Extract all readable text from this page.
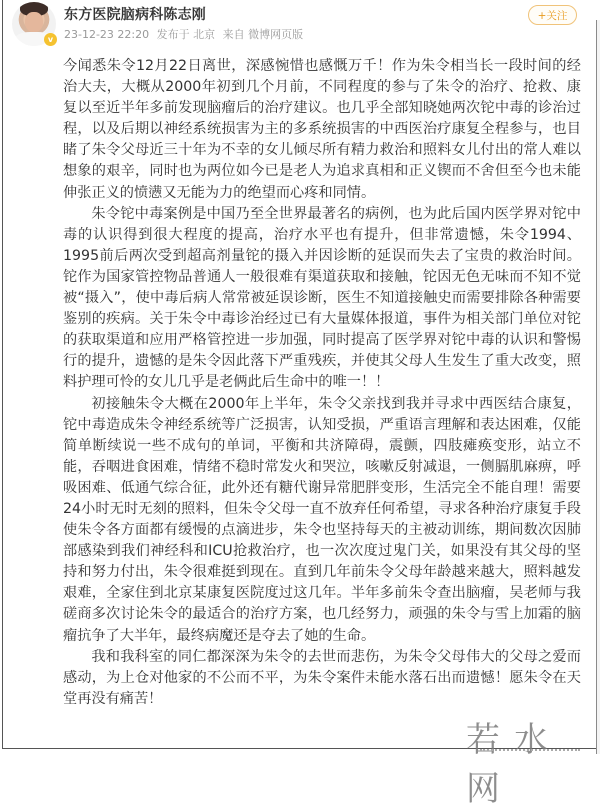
v
东方医院脑病科陈志刚
23-12-23 22:20 发布于 北京 来自 微博网页版
+关注

今闻悉朱令12月22日离世，深感惋惜也感慨万千！作为朱令相当长一段时间的经治大夫，大概从2000年初到几个月前，不同程度的参与了朱令的治疗、抢救、康复以至近半年多前发现脑瘤后的治疗建议。也几乎全部知晓她两次铊中毒的诊治过程，以及后期以神经系统损害为主的多系统损害的中西医治疗康复全程参与，也目睹了朱令父母近三十年为不幸的女儿倾尽所有精力救治和照料女儿付出的常人难以想象的艰辛，同时也为两位如今已是老人为追求真相和正义锲而不舍但至今也未能伸张正义的愤懑又无能为力的绝望而心疼和同情。

朱令铊中毒案例是中国乃至全世界最著名的病例，也为此后国内医学界对铊中毒的认识得到很大程度的提高，治疗水平也有提升，但非常遗憾，朱令1994、1995前后两次受到超高剂量铊的摄入并因诊断的延误而失去了宝贵的救治时间。铊作为国家管控物品普通人一般很难有渠道获取和接触，铊因无色无味而不知不觉被“摄入”，使中毒后病人常常被延误诊断，医生不知道接触史而需要排除各种需要鉴别的疾病。关于朱令中毒诊治经过已有大量媒体报道，事件为相关部门单位对铊的获取渠道和应用严格管控进一步加强，同时提高了医学界对铊中毒的认识和警惕行的提升，遗憾的是朱令因此落下严重残疾，并使其父母人生发生了重大改变，照料护理可怜的女儿几乎是老俩此后生命中的唯一！！

初接触朱令大概在2000年上半年，朱令父亲找到我并寻求中西医结合康复，铊中毒造成朱令神经系统等广泛损害，认知受损，严重语言理解和表达困难，仅能简单断续说一些不成句的单词，平衡和共济障碍，震颤，四肢瘫痪变形，站立不能，吞咽进食困难，情绪不稳时常发火和哭泣，咳嗽反射减退，一侧膈肌麻痹，呼吸困难、低通气综合征，此外还有糖代谢异常肥胖变形，生活完全不能自理！需要24小时无时无刻的照料，但朱令父母一直不放弃任何希望，寻求各种治疗康复手段使朱令各方面都有缓慢的点滴进步，朱令也坚持每天的主被动训练，期间数次因肺部感染到我们神经科和ICU抢救治疗，也一次次度过鬼门关，如果没有其父母的坚持和努力付出，朱令很难挺到现在。直到几年前朱令父母年龄越来越大，照料越发艰难，全家住到北京某康复医院度过这几年。半年多前朱令查出脑瘤，吴老师与我磋商多次讨论朱令的最适合的治疗方案，也几经努力，顽强的朱令与雪上加霜的脑瘤抗争了大半年，最终病魔还是夺去了她的生命。

我和我科室的同仁都深深为朱令的去世而悲伤，为朱令父母伟大的父母之爱而感动，为上仓对他家的不公而不平，为朱令案件未能水落石出而遗憾！愿朱令在天堂再没有痛苦！

若水网
